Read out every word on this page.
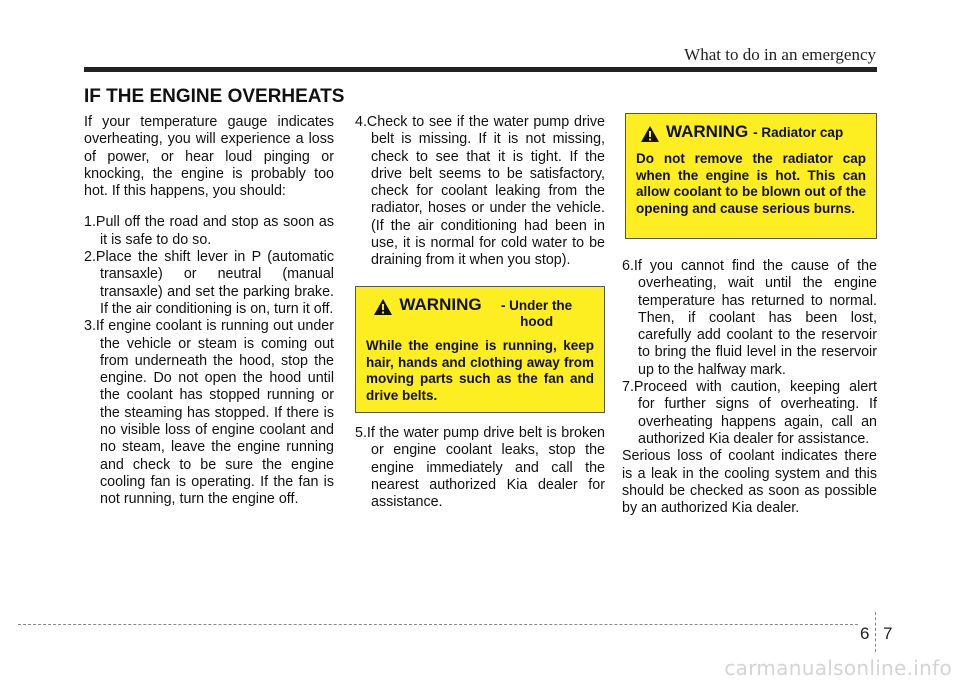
What to do in an emergency
IF THE ENGINE OVERHEATS

If your temperature gauge indicates overheating, you will experience a loss of power, or hear loud pinging or knocking, the engine is probably too hot. If this happens, you should:

1.Pull off the road and stop as soon as it is safe to do so.
2.Place the shift lever in P (automatic transaxle) or neutral (manual transaxle) and set the parking brake. If the air conditioning is on, turn it off.
3.If engine coolant is running out under the vehicle or steam is coming out from underneath the hood, stop the engine. Do not open the hood until the coolant has stopped running or the steaming has stopped. If there is no visible loss of engine coolant and no steam, leave the engine running and check to be sure the engine cooling fan is operating. If the fan is not running, turn the engine off.
4.Check to see if the water pump drive belt is missing. If it is not missing, check to see that it is tight. If the drive belt seems to be satisfactory, check for coolant leaking from the radiator, hoses or under the vehicle. (If the air conditioning had been in use, it is normal for cold water to be draining from it when you stop).
WARNING	- Under the hood
While the engine is running, keep hair, hands and clothing away from moving parts such as the fan and drive belts.
5.If the water pump drive belt is broken or engine coolant leaks, stop the engine immediately and call the nearest authorized Kia dealer for assistance.
WARNING - Radiator cap
Do not remove the radiator cap when the engine is hot. This can allow coolant to be blown out of the opening and cause serious burns.
6.If you cannot find the cause of the overheating, wait until the engine temperature has returned to normal. Then, if coolant has been lost, carefully add coolant to the reservoir to bring the fluid level in the reservoir up to the halfway mark.
7.Proceed with caution, keeping alert for further signs of overheating. If overheating happens again, call an authorized Kia dealer for assistance.

Serious loss of coolant indicates there is a leak in the cooling system and this should be checked as soon as possible by an authorized Kia dealer.

6 7
carmanualsonline.info
